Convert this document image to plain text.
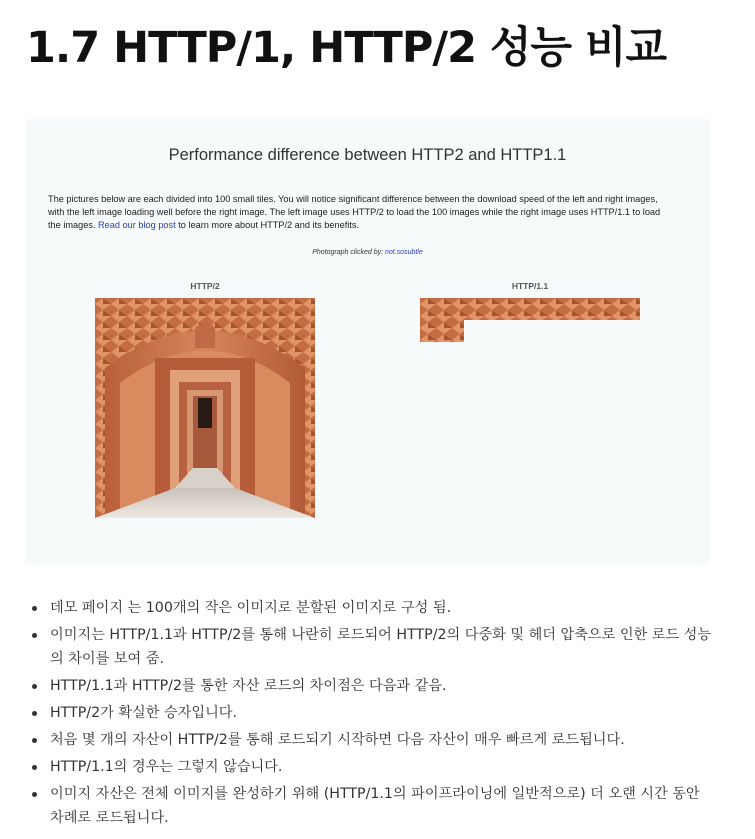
1.7 HTTP/1, HTTP/2 성능 비교
Performance difference between HTTP2 and HTTP1.1

The pictures below are each divided into 100 small tiles. You will notice significant difference between the download speed of the left and right images, with the left image loading well before the right image. The left image uses HTTP/2 to load the 100 images while the right image uses HTTP/1.1 to load the images. Read our blog post to learn more about HTTP/2 and its benefits.

Photograph clicked by: not.sosubtle
HTTP/2	HTTP/1.1
데모 페이지 는 100개의 작은 이미지로 분할된 이미지로 구성 됨.
이미지는 HTTP/1.1과 HTTP/2를 통해 나란히 로드되어 HTTP/2의 다중화 및 헤더 압축으로 인한 로드 성능의 차이를 보여 줌.
HTTP/1.1과 HTTP/2를 통한 자산 로드의 차이점은 다음과 같음.
HTTP/2가 확실한 승자입니다.
처음 몇 개의 자산이 HTTP/2를 통해 로드되기 시작하면 다음 자산이 매우 빠르게 로드됩니다.
HTTP/1.1의 경우는 그렇지 않습니다.
이미지 자산은 전체 이미지를 완성하기 위해 (HTTP/1.1의 파이프라이닝에 일반적으로) 더 오랜 시간 동안 차례로 로드됩니다.
